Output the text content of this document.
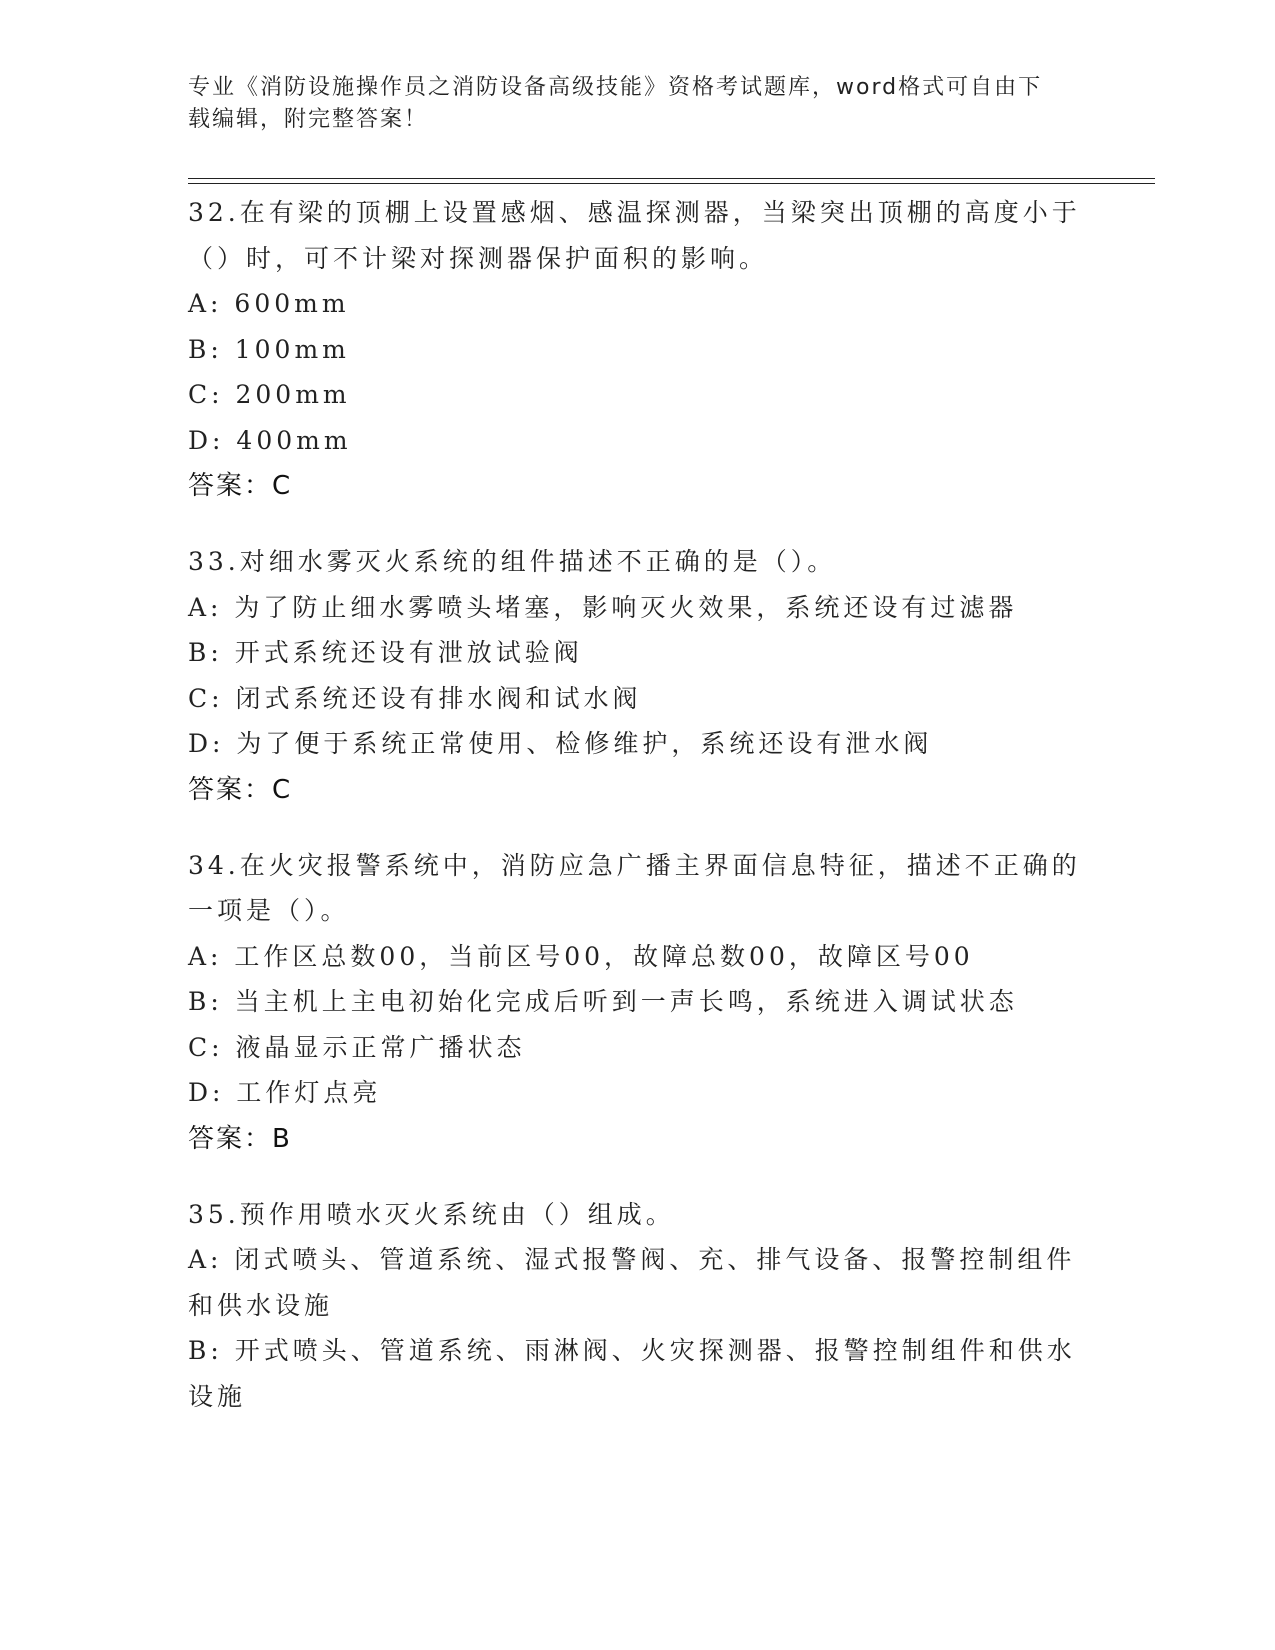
专业《消防设施操作员之消防设备高级技能》资格考试题库，word格式可自由下
载编辑，附完整答案！

32.在有梁的顶棚上设置感烟、感温探测器，当梁突出顶棚的高度小于（）时，可不计梁对探测器保护面积的影响。

A: 600mm

B: 100mm

C: 200mm

D: 400mm

答案：C

33.对细水雾灭火系统的组件描述不正确的是（）。

A: 为了防止细水雾喷头堵塞，影响灭火效果，系统还设有过滤器

B: 开式系统还设有泄放试验阀

C: 闭式系统还设有排水阀和试水阀

D: 为了便于系统正常使用、检修维护，系统还设有泄水阀

答案：C

34.在火灾报警系统中，消防应急广播主界面信息特征，描述不正确的一项是（）。

A: 工作区总数00，当前区号00，故障总数00，故障区号00

B: 当主机上主电初始化完成后听到一声长鸣，系统进入调试状态

C: 液晶显示正常广播状态

D: 工作灯点亮

答案：B

35.预作用喷水灭火系统由（）组成。

A: 闭式喷头、管道系统、湿式报警阀、充、排气设备、报警控制组件和供水设施

B: 开式喷头、管道系统、雨淋阀、火灾探测器、报警控制组件和供水设施
